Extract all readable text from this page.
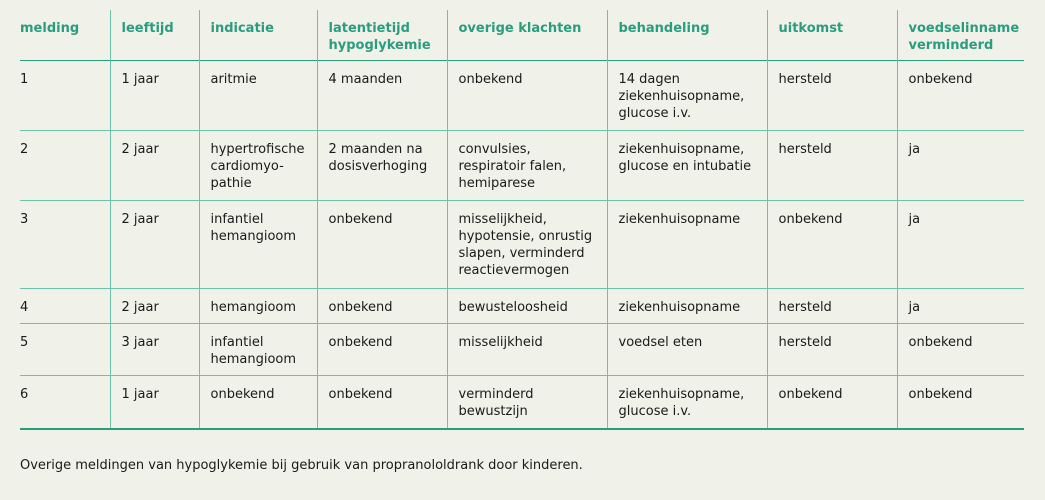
melding	leeftijd	indicatie	latentietijd
hypoglykemie	overige klachten	behandeling	uitkomst	voedselinname
verminderd
1	1 jaar	aritmie	4 maanden	onbekend	14 dagen
ziekenhuisopname,
glucose i.v.	hersteld	onbekend
2	2 jaar	hypertrofische
cardiomyo-
pathie	2 maanden na
dosisverhoging	convulsies,
respiratoir falen,
hemiparese	ziekenhuisopname,
glucose en intubatie	hersteld	ja
3	2 jaar	infantiel
hemangioom	onbekend	misselijkheid,
hypotensie, onrustig
slapen, verminderd
reactievermogen	ziekenhuisopname	onbekend	ja
4	2 jaar	hemangioom	onbekend	bewusteloosheid	ziekenhuisopname	hersteld	ja
5	3 jaar	infantiel
hemangioom	onbekend	misselijkheid	voedsel eten	hersteld	onbekend
6	1 jaar	onbekend	onbekend	verminderd
bewustzijn	ziekenhuisopname,
glucose i.v.	onbekend	onbekend
Overige meldingen van hypoglykemie bij gebruik van propranololdrank door kinderen.
